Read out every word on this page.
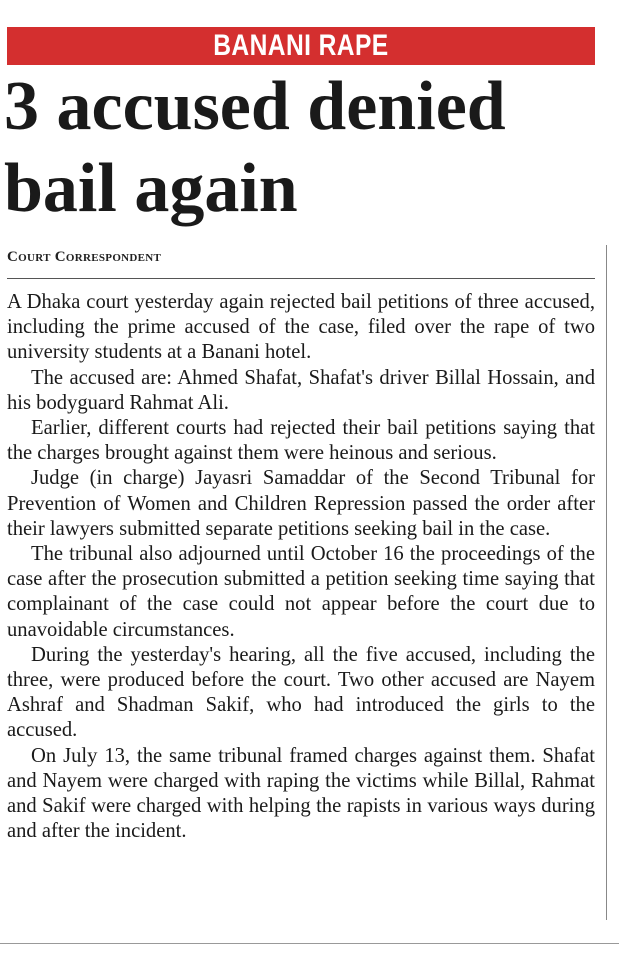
BANANI RAPE
3 accused denied bail again
Court Correspondent

A Dhaka court yesterday again rejected bail petitions of three accused, including the prime accused of the case, filed over the rape of two university students at a Banani hotel.

The accused are: Ahmed Shafat, Shafat's driver Billal Hossain, and his bodyguard Rahmat Ali.

Earlier, different courts had rejected their bail petitions saying that the charges brought against them were heinous and serious.

Judge (in charge) Jayasri Samaddar of the Second Tribunal for Prevention of Women and Children Repression passed the order after their lawyers submitted separate petitions seeking bail in the case.

The tribunal also adjourned until October 16 the proceedings of the case after the prosecution submitted a petition seeking time saying that complainant of the case could not appear before the court due to unavoidable circumstances.

During the yesterday's hearing, all the five accused, including the three, were produced before the court. Two other accused are Nayem Ashraf and Shadman Sakif, who had introduced the girls to the accused.

On July 13, the same tribunal framed charges against them. Shafat and Nayem were charged with raping the victims while Billal, Rahmat and Sakif were charged with helping the rapists in various ways during and after the incident.
